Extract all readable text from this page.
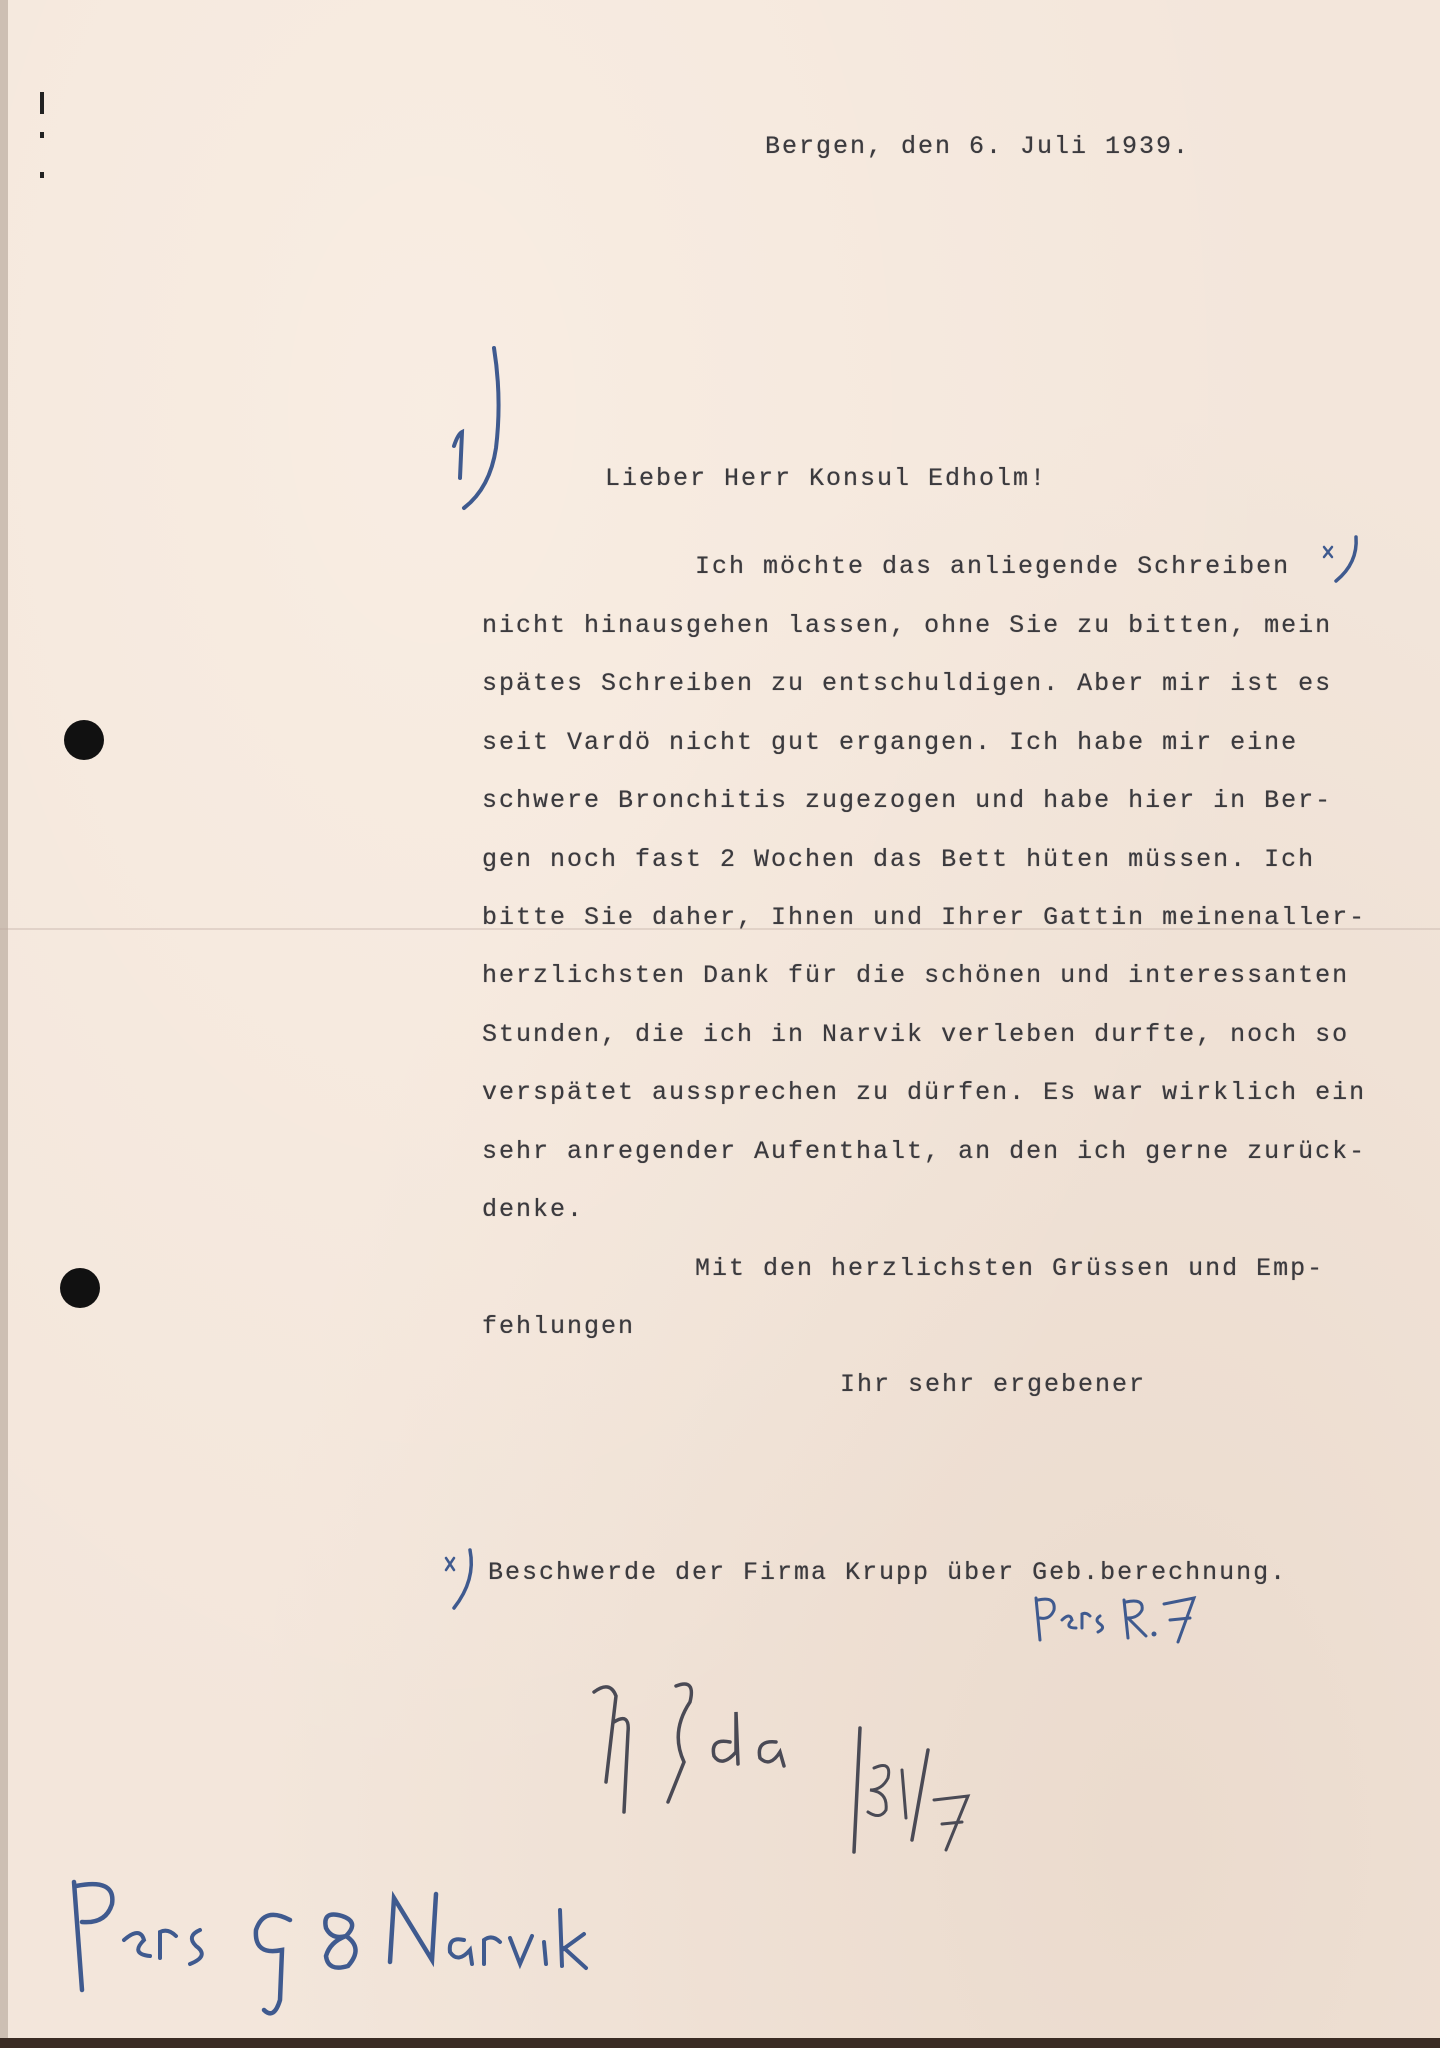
Bergen, den 6. Juli 1939.
Lieber Herr Konsul Edholm!
Ich möchte das anliegende Schreiben
nicht hinausgehen lassen, ohne Sie zu bitten, mein
spätes Schreiben zu entschuldigen. Aber mir ist es
seit Vardö nicht gut ergangen. Ich habe mir eine
schwere Bronchitis zugezogen und habe hier in Ber-
gen noch fast 2 Wochen das Bett hüten müssen. Ich
bitte Sie daher, Ihnen und Ihrer Gattin meinenaller-
herzlichsten Dank für die schönen und interessanten
Stunden, die ich in Narvik verleben durfte, noch so
verspätet aussprechen zu dürfen. Es war wirklich ein
sehr anregender Aufenthalt, an den ich gerne zurück-
denke.
Mit den herzlichsten Grüssen und Emp-
fehlungen
Ihr sehr ergebener
Beschwerde der Firma Krupp über Geb.berechnung.
